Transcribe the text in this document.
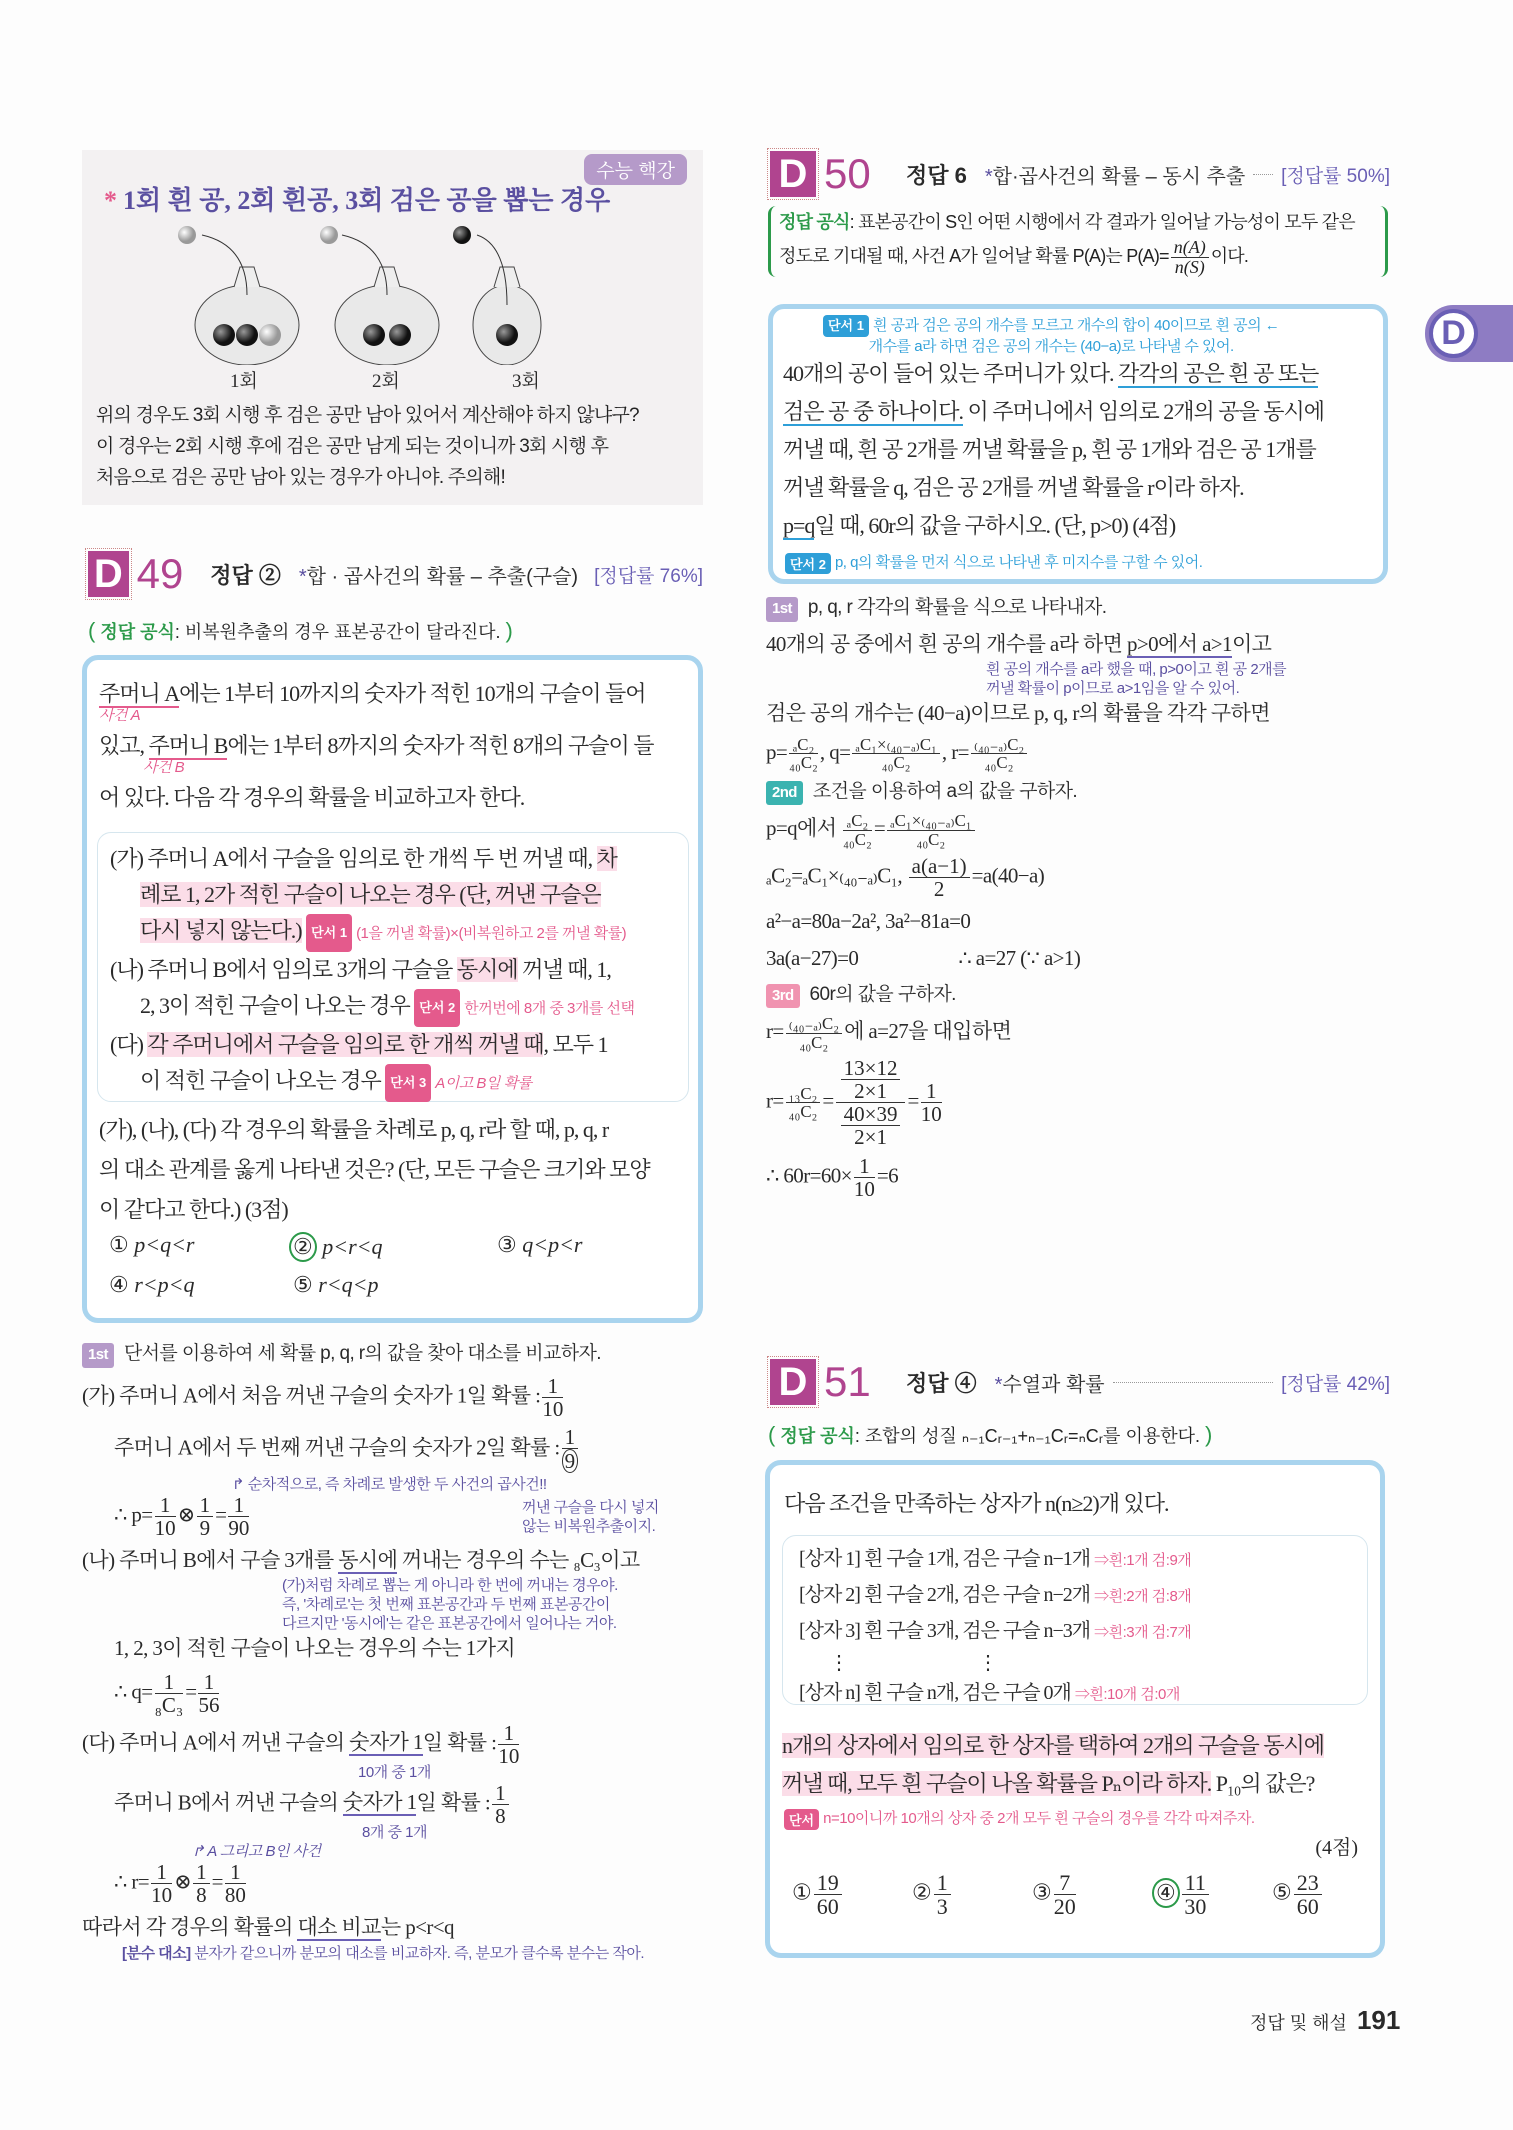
D
수능 핵강
* 1회 흰 공, 2회 흰공, 3회 검은 공을 뽑는 경우
1회	2회	3회
위의 경우도 3회 시행 후 검은 공만 남아 있어서 계산해야 하지 않냐구?
이 경우는 2회 시행 후에 검은 공만 남게 되는 것이니까 3회 시행 후
처음으로 검은 공만 남아 있는 경우가 아니야. 주의해!
D 49	정답 ② *합 · 곱사건의 확률 – 추출(구슬) [정답률 76%]
( 정답 공식: 비복원추출의 경우 표본공간이 달라진다. )
주머니 A에는 1부터 10까지의 숫자가 적힌 10개의 구슬이 들어
사건 A
있고, 주머니 B에는 1부터 8까지의 숫자가 적힌 8개의 구슬이 들
사건 B
어 있다. 다음 각 경우의 확률을 비교하고자 한다.
(가) 주머니 A에서 구슬을 임의로 한 개씩 두 번 꺼낼 때, 차
례로 1, 2가 적힌 구슬이 나오는 경우 (단, 꺼낸 구슬은
다시 넣지 않는다.) 단서 1 (1을 꺼낼 확률)×(비복원하고 2를 꺼낼 확률)
(나) 주머니 B에서 임의로 3개의 구슬을 동시에 꺼낼 때, 1,
2, 3이 적힌 구슬이 나오는 경우 단서 2 한꺼번에 8개 중 3개를 선택
(다) 각 주머니에서 구슬을 임의로 한 개씩 꺼낼 때, 모두 1
이 적힌 구슬이 나오는 경우 단서 3 A이고 B일 확률
(가), (나), (다) 각 경우의 확률을 차례로 p, q, r라 할 때, p, q, r
의 대소 관계를 옳게 나타낸 것은? (단, 모든 구슬은 크기와 모양
이 같다고 한다.) (3점)
① p<q<r	② p<r<q	③ q<p<r
④ r<p<q	⑤ r<q<p
1st 단서를 이용하여 세 확률 p, q, r의 값을 찾아 대소를 비교하자.
(가) 주머니 A에서 처음 꺼낸 구슬의 숫자가 1일 확률 : $\frac{1}{10}$
주머니 A에서 두 번째 꺼낸 구슬의 숫자가 2일 확률 : $\frac{1}{9}$
↱ 순차적으로, 즉 차례로 발생한 두 사건의 곱사건!!
꺼낸 구슬을 다시 넣지
않는 비복원추출이지.
∴ $p= \frac{1}{10}$ ⊗ $\frac{1}{9} = \frac{1}{90}$
(나) 주머니 B에서 구슬 3개를 동시에 꺼내는 경우의 수는 ₈C₃이고
(가)처럼 차례로 뽑는 게 아니라 한 번에 꺼내는 경우야.
즉, '차례로'는 첫 번째 표본공간과 두 번째 표본공간이
다르지만 '동시에'는 같은 표본공간에서 일어나는 거야.
1, 2, 3이 적힌 구슬이 나오는 경우의 수는 1가지
∴ $q= \frac{1}{\text{₈C₃}} = \frac{1}{56}$
(다) 주머니 A에서 꺼낸 구슬의 숫자가 1일 확률 : $\frac{1}{10}$
10개 중 1개
주머니 B에서 꺼낸 구슬의 숫자가 1일 확률 : $\frac{1}{8}$
8개 중 1개
↱ A 그리고 B인 사건
∴ $r= \frac{1}{10}$ ⊗ $\frac{1}{8} = \frac{1}{80}$
따라서 각 경우의 확률의 대소 비교는 p<r<q
[분수 대소] 분자가 같으니까 분모의 대소를 비교하자. 즉, 분모가 클수록 분수는 작아.
D 50	정답 6 *합·곱사건의 확률 – 동시 추출 [정답률 50%]
정답 공식: 표본공간이 S인 어떤 시행에서 각 결과가 일어날 가능성이 모두 같은
정도로 기대될 때, 사건 A가 일어날 확률 P(A)는 $P(A)= \frac{n(A)}{n(S)}$ 이다.
단서 1 흰 공과 검은 공의 개수를 모르고 개수의 합이 40이므로 흰 공의 ←
개수를 a라 하면 검은 공의 개수는 (40−a)로 나타낼 수 있어.
40개의 공이 들어 있는 주머니가 있다. 각각의 공은 흰 공 또는
검은 공 중 하나이다. 이 주머니에서 임의로 2개의 공을 동시에
꺼낼 때, 흰 공 2개를 꺼낼 확률을 p, 흰 공 1개와 검은 공 1개를
꺼낼 확률을 q, 검은 공 2개를 꺼낼 확률을 r이라 하자.
p=q일 때, 60r의 값을 구하시오. (단, p>0) (4점)
단서 2 p, q의 확률을 먼저 식으로 나타낸 후 미지수를 구할 수 있어.
1st p, q, r 각각의 확률을 식으로 나타내자.
40개의 공 중에서 흰 공의 개수를 a라 하면 p>0에서 a>1이고
흰 공의 개수를 a라 했을 때, p>0이고 흰 공 2개를
꺼낼 확률이 p이므로 a>1임을 알 수 있어.
검은 공의 개수는 (40−a)이므로 p, q, r의 확률을 각각 구하면
$p= \frac{\text{ₐC₂}}{\text{₄₀C₂}}$ , $q= \frac{\text{ₐC₁×₍₄₀₋ₐ₎C₁}}{\text{₄₀C₂}}$ , $r= \frac{\text{₍₄₀₋ₐ₎C₂}}{\text{₄₀C₂}}$
2nd 조건을 이용하여 a의 값을 구하자.
p=q에서 $\frac{\text{ₐC₂}}{\text{₄₀C₂}} = \frac{\text{ₐC₁×₍₄₀₋ₐ₎C₁}}{\text{₄₀C₂}}$
ₐC₂=ₐC₁×₍₄₀₋ₐ₎C₁, $\frac{a(a-1)}{2} =a(40-a)$
a²−a=80a−2a², 3a²−81a=0
3a(a−27)=0	∴ a=27 (∵ a>1)
3rd 60r의 값을 구하자.
$r= \frac{\text{₍₄₀₋ₐ₎C₂}}{\text{₄₀C₂}}$ 에 a=27을 대입하면
$r= \frac{\text{₁₃C₂}}{\text{₄₀C₂}} = \frac{\frac{13\times 12}{2\times 1}}{\frac{40\times 39}{2\times 1}} = \frac{1}{10}$
∴ $60r=60\times \frac{1}{10} =6$
D 51	정답 ④ *수열과 확률	[정답률 42%]
( 정답 공식: 조합의 성질 ₙ₋₁Cᵣ₋₁+ₙ₋₁Cᵣ=ₙCᵣ를 이용한다. )
다음 조건을 만족하는 상자가 n(n≥2)개 있다.
[상자 1] 흰 구슬 1개, 검은 구슬 n−1개 ⇒흰:1개 검:9개
[상자 2] 흰 구슬 2개, 검은 구슬 n−2개 ⇒흰:2개 검:8개
[상자 3] 흰 구슬 3개, 검은 구슬 n−3개 ⇒흰:3개 검:7개
⋮	⋮
[상자 n] 흰 구슬 n개, 검은 구슬 0개 ⇒흰:10개 검:0개
n개의 상자에서 임의로 한 상자를 택하여 2개의 구슬을 동시에
꺼낼 때, 모두 흰 구슬이 나올 확률을 Pₙ이라 하자. P₁₀의 값은?
단서 n=10이니까 10개의 상자 중 2개 모두 흰 구슬의 경우를 각각 따져주자.
(4점)
① $\frac{19}{60}$	② $\frac{1}{3}$	③ $\frac{7}{20}$	④ $\frac{11}{30}$	⑤ $\frac{23}{60}$
정답 및 해설 191
